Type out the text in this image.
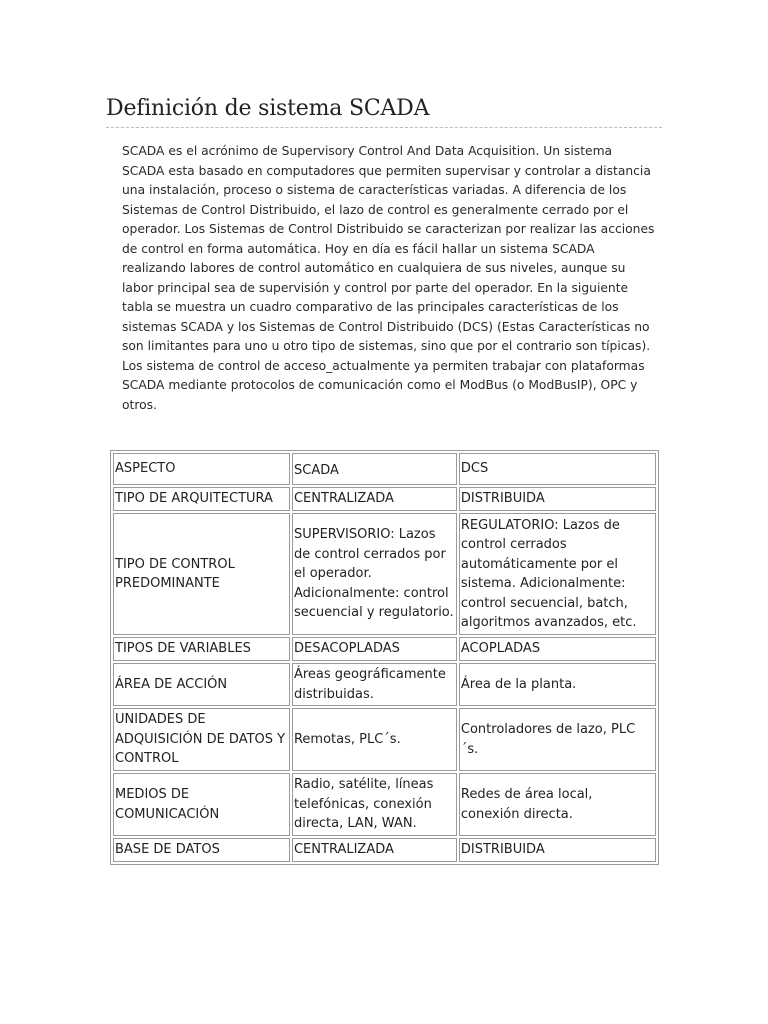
Definición de sistema SCADA

SCADA es el acrónimo de Supervisory Control And Data Acquisition. Un sistema SCADA esta basado en computadores que permiten supervisar y controlar a distancia una instalación, proceso o sistema de características variadas. A diferencia de los Sistemas de Control Distribuido, el lazo de control es generalmente cerrado por el operador. Los Sistemas de Control Distribuido se caracterizan por realizar las acciones de control en forma automática. Hoy en día es fácil hallar un sistema SCADA realizando labores de control automático en cualquiera de sus niveles, aunque su labor principal sea de supervisión y control por parte del operador. En la siguiente tabla se muestra un cuadro comparativo de las principales características de los sistemas SCADA y los Sistemas de Control Distribuido (DCS) (Estas Características no son limitantes para uno u otro tipo de sistemas, sino que por el contrario son típicas).

Los sistema de control de acceso_actualmente ya permiten trabajar con plataformas SCADA mediante protocolos de comunicación como el ModBus (o ModBusIP), OPC y otros.

ASPECTO	SCADA	DCS
TIPO DE ARQUITECTURA	CENTRALIZADA	DISTRIBUIDA
TIPO DE CONTROL PREDOMINANTE	SUPERVISORIO: Lazos de control cerrados por el operador. Adicionalmente: control secuencial y regulatorio.	REGULATORIO: Lazos de control cerrados automáticamente por el sistema. Adicionalmente: control secuencial, batch, algoritmos avanzados, etc.
TIPOS DE VARIABLES	DESACOPLADAS	ACOPLADAS
ÁREA DE ACCIÓN	Áreas geográficamente distribuidas.	Área de la planta.
UNIDADES DE ADQUISICIÓN DE DATOS Y CONTROL	Remotas, PLC´s.	Controladores de lazo, PLC ´s.
MEDIOS DE COMUNICACIÓN	Radio, satélite, líneas telefónicas, conexión directa, LAN, WAN.	Redes de área local, conexión directa.
BASE DE DATOS	CENTRALIZADA	DISTRIBUIDA
